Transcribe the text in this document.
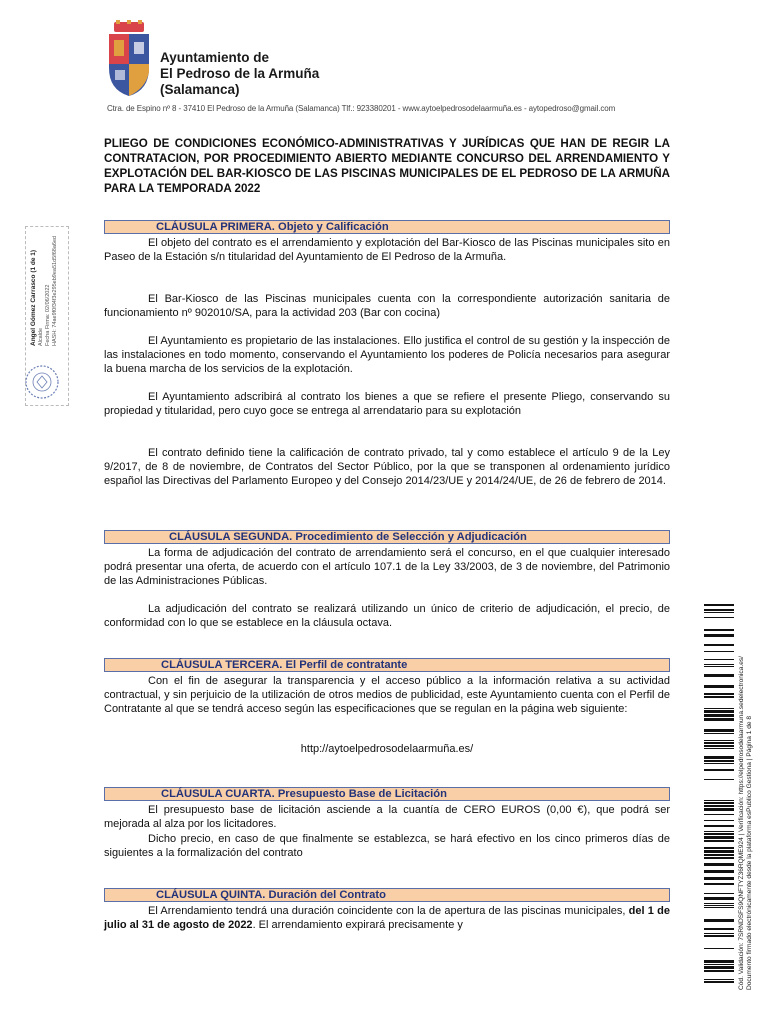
Ayuntamiento de
El Pedroso de la Armuña
(Salamanca)
Ctra. de Espino nº 8 - 37410 El Pedroso de la Armuña (Salamanca) Tlf.: 923380201 - www.aytoelpedrosodelaarmuña.es - aytopedroso@gmail.com
PLIEGO DE CONDICIONES ECONÓMICO-ADMINISTRATIVAS Y JURÍDICAS QUE HAN DE REGIR LA CONTRATACION, POR PROCEDIMIENTO ABIERTO MEDIANTE CONCURSO DEL ARRENDAMIENTO Y EXPLOTACIÓN DEL BAR-KIOSCO DE LAS PISCINAS MUNICIPALES DE EL PEDROSO DE LA ARMUÑA PARA LA TEMPORADA 2022
Angel Gómez Carrasco (1 de 1) Alcalde Fecha Firma: 02/06/2022 HASH: 74ae9f0f34f3e295eb9ea51d5f68a6ed
CLÁUSULA PRIMERA. Objeto y Calificación
El objeto del contrato es el arrendamiento y explotación del Bar-Kiosco de las Piscinas municipales sito en Paseo de la Estación s/n titularidad del Ayuntamiento de El Pedroso de la Armuña.
El Bar-Kiosco de las Piscinas municipales cuenta con la correspondiente autorización sanitaria de funcionamiento nº 902010/SA, para la actividad 203 (Bar con cocina)
El Ayuntamiento es propietario de las instalaciones. Ello justifica el control de su gestión y la inspección de las instalaciones en todo momento, conservando el Ayuntamiento los poderes de Policía necesarios para asegurar la buena marcha de los servicios de la explotación.
El Ayuntamiento adscribirá al contrato los bienes a que se refiere el presente Pliego, conservando su propiedad y titularidad, pero cuyo goce se entrega al arrendatario para su explotación
El contrato definido tiene la calificación de contrato privado, tal y como establece el artículo 9 de la Ley 9/2017, de 8 de noviembre, de Contratos del Sector Público, por la que se transponen al ordenamiento jurídico español las Directivas del Parlamento Europeo y del Consejo 2014/23/UE y 2014/24/UE, de 26 de febrero de 2014.
CLÁUSULA SEGUNDA. Procedimiento de Selección y Adjudicación
La forma de adjudicación del contrato de arrendamiento será el concurso, en el que cualquier interesado podrá presentar una oferta, de acuerdo con el artículo 107.1 de la Ley 33/2003, de 3 de noviembre, del Patrimonio de las Administraciones Públicas.
La adjudicación del contrato se realizará utilizando un único de criterio de adjudicación, el precio, de conformidad con lo que se establece en la cláusula octava.
CLÁUSULA TERCERA. El Perfil de contratante
Con el fin de asegurar la transparencia y el acceso público a la información relativa a su actividad contractual, y sin perjuicio de la utilización de otros medios de publicidad, este Ayuntamiento cuenta con el Perfil de Contratante al que se tendrá acceso según las especificaciones que se regulan en la página web siguiente:
http://aytoelpedrosodelaarmuña.es/
CLÁUSULA CUARTA. Presupuesto Base de Licitación
El presupuesto base de licitación asciende a la cuantía de CERO EUROS (0,00 €), que podrá ser mejorada al alza por los licitadores.
Dicho precio, en caso de que finalmente se establezca, se hará efectivo en los cinco primeros días de siguientes a la formalización del contrato
CLÁUSULA QUINTA. Duración del Contrato
El Arrendamiento tendrá una duración coincidente con la de apertura de las piscinas municipales, del 1 de julio al 31 de agosto de 2022. El arrendamiento expirará precisamente y	Cód. Validación: 7SRNDSFS9QNFTYZ36RQME924 | Verificación: https://elpedrosodelaarmuna.sedelectronica.es/ Documento firmado electrónicamente desde la plataforma esPublico Gestiona | Página 1 de 8
